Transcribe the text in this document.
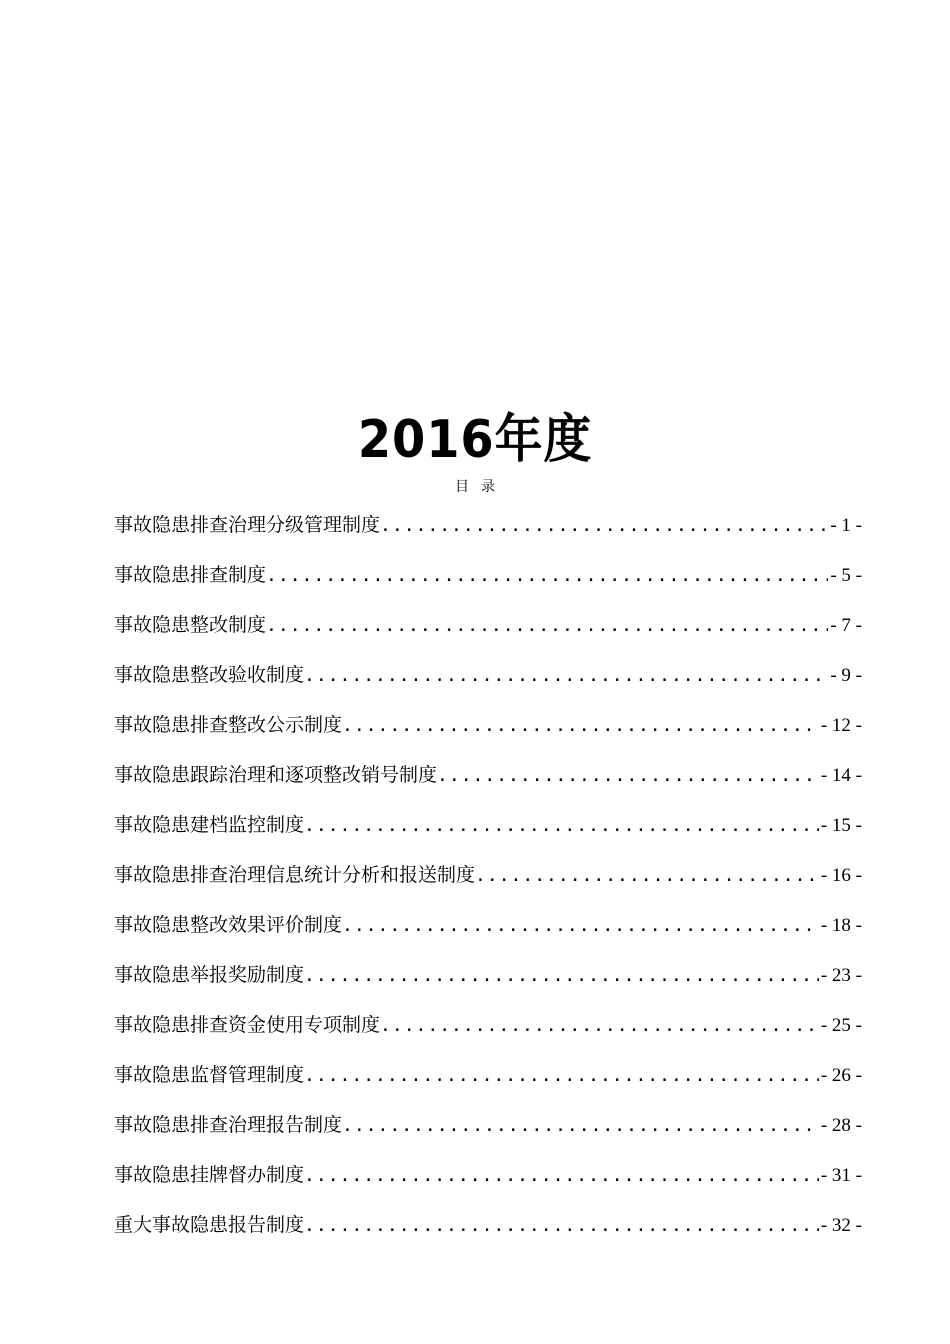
2016年度
目录
事故隐患排查治理分级管理制度 .....	- 1 -
事故隐患排查制度 .....	- 5 -
事故隐患整改制度 .....	- 7 -
事故隐患整改验收制度 .....	- 9 -
事故隐患排查整改公示制度 .....	- 12 -
事故隐患跟踪治理和逐项整改销号制度 .....	- 14 -
事故隐患建档监控制度 .....	- 15 -
事故隐患排查治理信息统计分析和报送制度 .....	- 16 -
事故隐患整改效果评价制度 .....	- 18 -
事故隐患举报奖励制度 .....	- 23 -
事故隐患排查资金使用专项制度 .....	- 25 -
事故隐患监督管理制度 .....	- 26 -
事故隐患排查治理报告制度 .....	- 28 -
事故隐患挂牌督办制度 .....	- 31 -
重大事故隐患报告制度 .....	- 32 -
